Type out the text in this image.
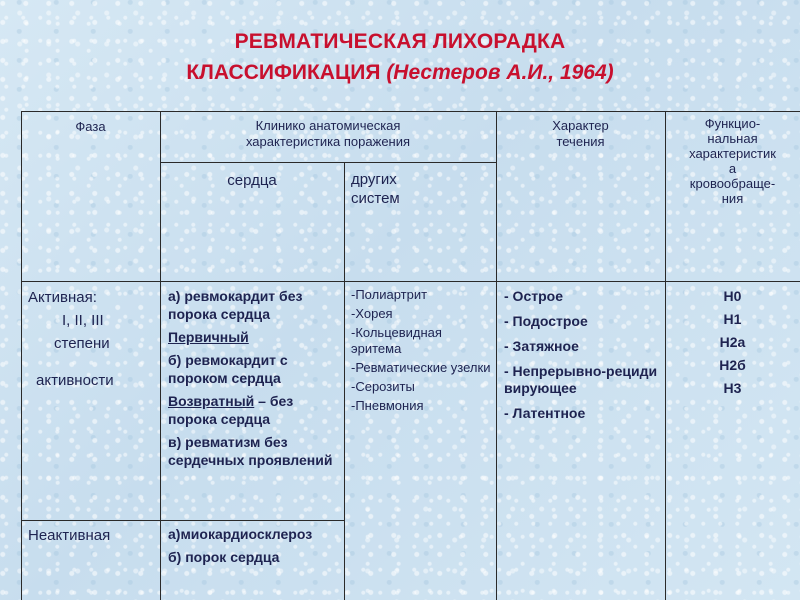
РЕВМАТИЧЕСКАЯ ЛИХОРАДКА
КЛАССИФИКАЦИЯ (Нестеров А.И., 1964)
Фаза	Клинико анатомическая
характеристика поражения
Характер
течения
Функцио-
нальная
характеристик
а
кровообраще-
ния
сердца	других
систем
Активная:
I, II, III
степени
активности
Неактивная
а) ревмокардит без порока сердца
Первичный
б) ревмокардит с пороком сердца
Возвратный – без порока сердца
в) ревматизм без сердечных проявлений
а)миокардиосклероз
б) порок сердца
-Полиартрит
-Хорея
-Кольцевидная эритема
-Ревматические узелки
-Серозиты
-Пневмония
- Острое
- Подострое
- Затяжное
- Непрерывно-рецидивирующее
- Латентное
Н0
Н1
Н2а
Н2б
Н3
